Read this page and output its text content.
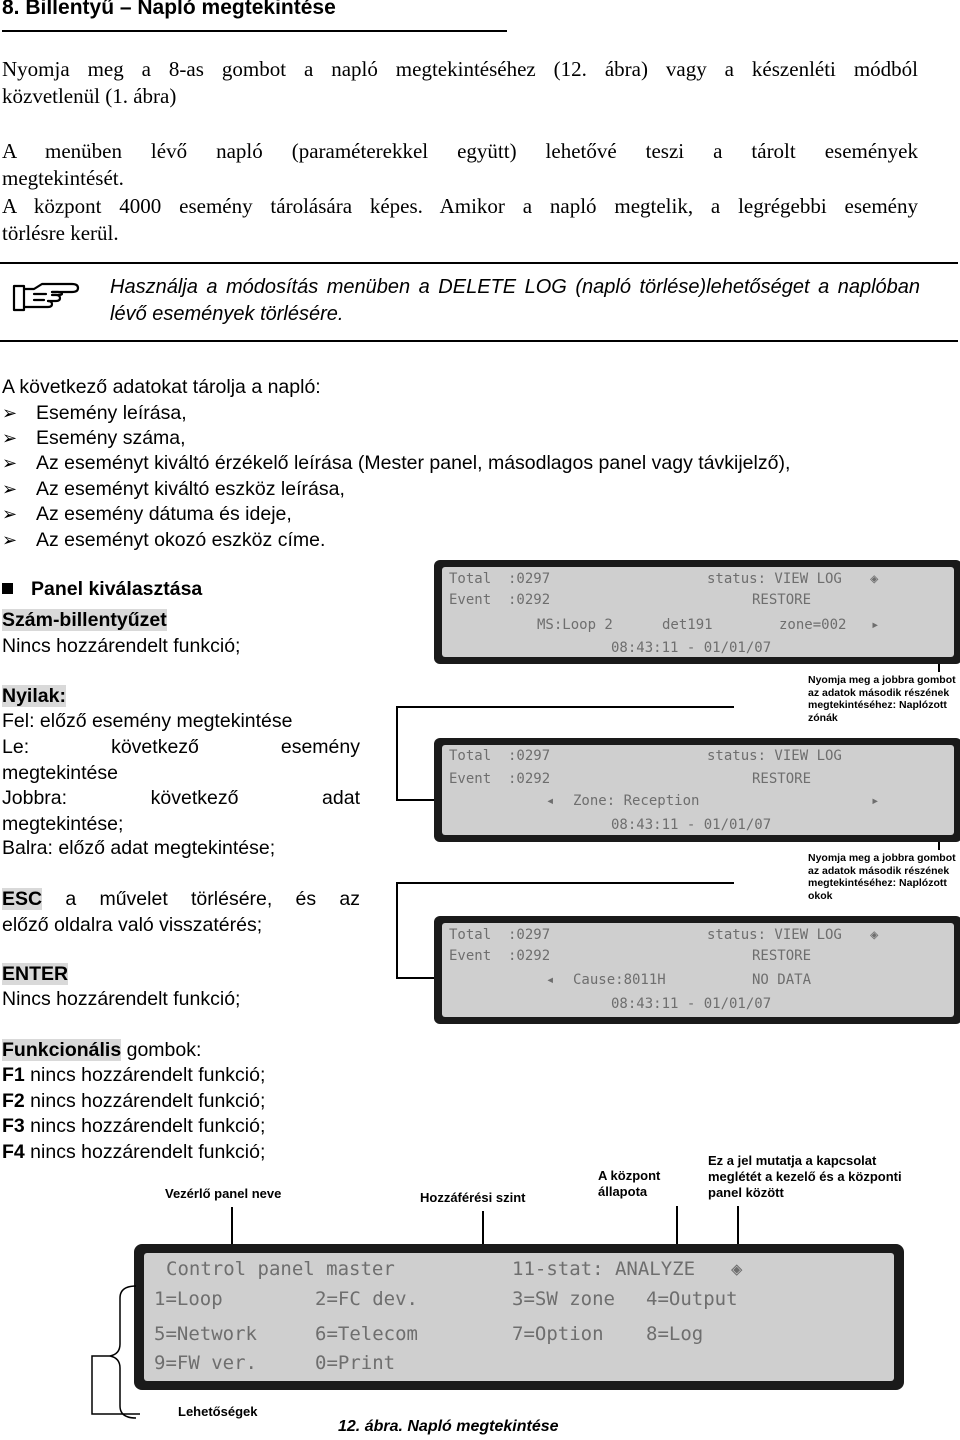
8. Billentyű – Napló megtekintése
Nyomja meg a 8-as gombot a napló megtekintéséhez (12. ábra) vagy a készenléti módból
közvetlenül (1. ábra)
A menüben lévő napló (paraméterekkel együtt) lehetővé teszi a tárolt események
megtekintését.
A központ 4000 esemény tárolására képes. Amikor a napló megtelik, a legrégebbi esemény
törlésre kerül.
Használja a módosítás menüben a DELETE LOG (napló törlése)lehetőséget a naplóban lévő események törlésére.
A következő adatokat tárolja a napló:
➢ Esemény leírása,
➢ Esemény száma,
➢ Az eseményt kiváltó érzékelő leírása (Mester panel, másodlagos panel vagy távkijelző),
➢ Az eseményt kiváltó eszköz leírása,
➢ Az esemény dátuma és ideje,
➢ Az eseményt okozó eszköz címe.
Panel kiválasztása
Szám-billentyűzet
Nincs hozzárendelt funkció;
Nyilak:
Fel: előző esemény megtekintése
Le: következő esemény
megtekintése
Jobbra: következő adat
megtekintése;
Balra: előző adat megtekintése;
ESC a művelet törlésére, és az
előző oldalra való visszatérés;
ENTER
Nincs hozzárendelt funkció;
Funkcionális gombok:
F1 nincs hozzárendelt funkció;
F2 nincs hozzárendelt funkció;
F3 nincs hozzárendelt funkció;
F4 nincs hozzárendelt funkció;
Total  :0297	status: VIEW LOG ◈
Event  :0292	RESTORE
MS:Loop 2	det191	zone=002 ▸
08:43:11 - 01/01/07
Nyomja meg a jobbra gombot az adatok második részének megtekintéséhez: Naplózott zónák
Total  :0297	status: VIEW LOG
Event  :0292	RESTORE
◂ Zone: Reception	▸
08:43:11 - 01/01/07
Nyomja meg a jobbra gombot az adatok második részének megtekintéséhez: Naplózott okok
Total  :0297	status: VIEW LOG ◈
Event  :0292	RESTORE
◂ Cause:8011H	NO DATA
08:43:11 - 01/01/07
A központ állapota
Ez a jel mutatja a kapcsolat meglétét a kezelő és a központi panel között
Vezérlő panel neve	Hozzáférési szint
Control panel master	11-stat: ANALYZE ◈
1=Loop	2=FC dev.	3=SW zone 4=Output
5=Network	6=Telecom	7=Option 8=Log
9=FW ver.	0=Print
Lehetőségek
12. ábra. Napló megtekintése
